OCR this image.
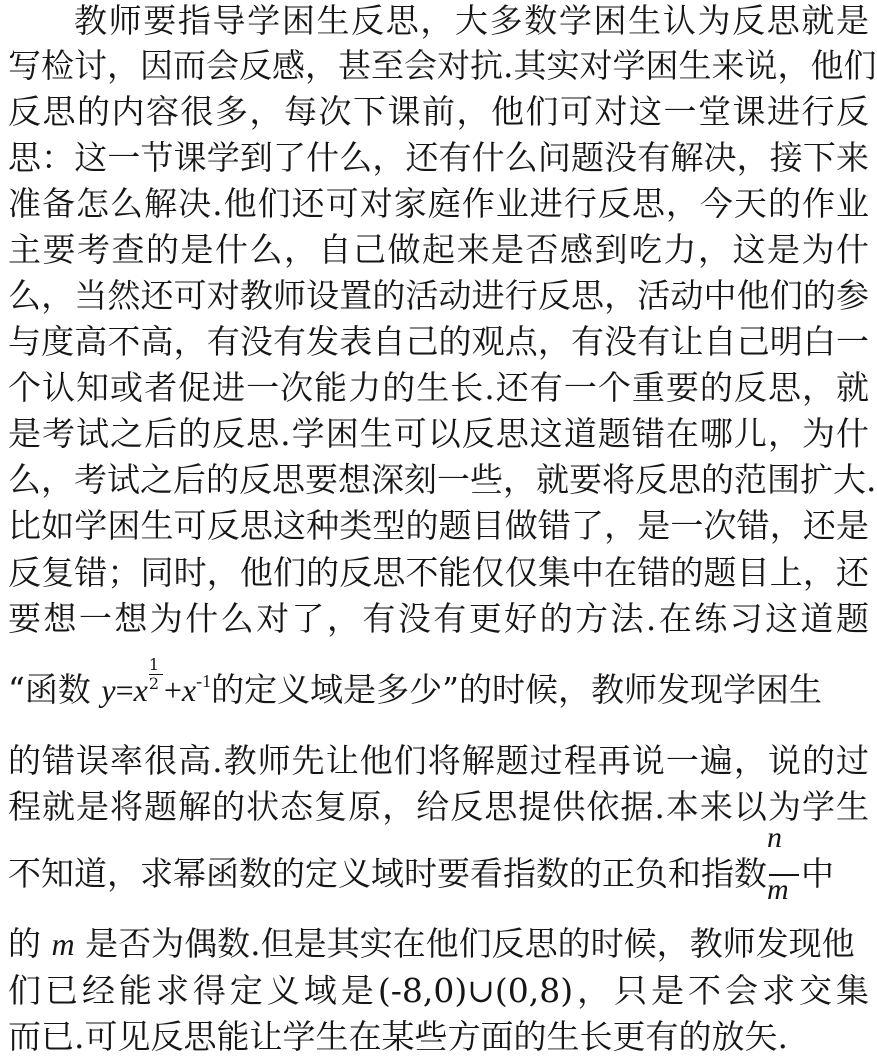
教师要指导学困生反思，大多数学困生认为反思就是
写检讨，因而会反感，甚至会对抗.其实对学困生来说，他们
反思的内容很多，每次下课前，他们可对这一堂课进行反
思：这一节课学到了什么，还有什么问题没有解决，接下来
准备怎么解决.他们还可对家庭作业进行反思，今天的作业
主要考查的是什么，自己做起来是否感到吃力，这是为什
么，当然还可对教师设置的活动进行反思，活动中他们的参
与度高不高，有没有发表自己的观点，有没有让自己明白一
个认知或者促进一次能力的生长.还有一个重要的反思，就
是考试之后的反思.学困生可以反思这道题错在哪儿，为什
么，考试之后的反思要想深刻一些，就要将反思的范围扩大.
比如学困生可反思这种类型的题目做错了，是一次错，还是
反复错；同时，他们的反思不能仅仅集中在错的题目上，还
要想一想为什么对了，有没有更好的方法.在练习这道题
“函数 $y=x \frac{1}{2} +x^{-1}$的定义域是多少”的时候，教师发现学困生
的错误率很高.教师先让他们将解题过程再说一遍，说的过
程就是将题解的状态复原，给反思提供依据.本来以为学生
不知道，求幂函数的定义域时要看指数的正负和指数 $\frac{n}{m}$ 中
的 m 是否为偶数.但是其实在他们反思的时候，教师发现他
们已经能求得定义域是(-8,0)∪(0,8)，只是不会求交集
而已.可见反思能让学生在某些方面的生长更有的放矢.
